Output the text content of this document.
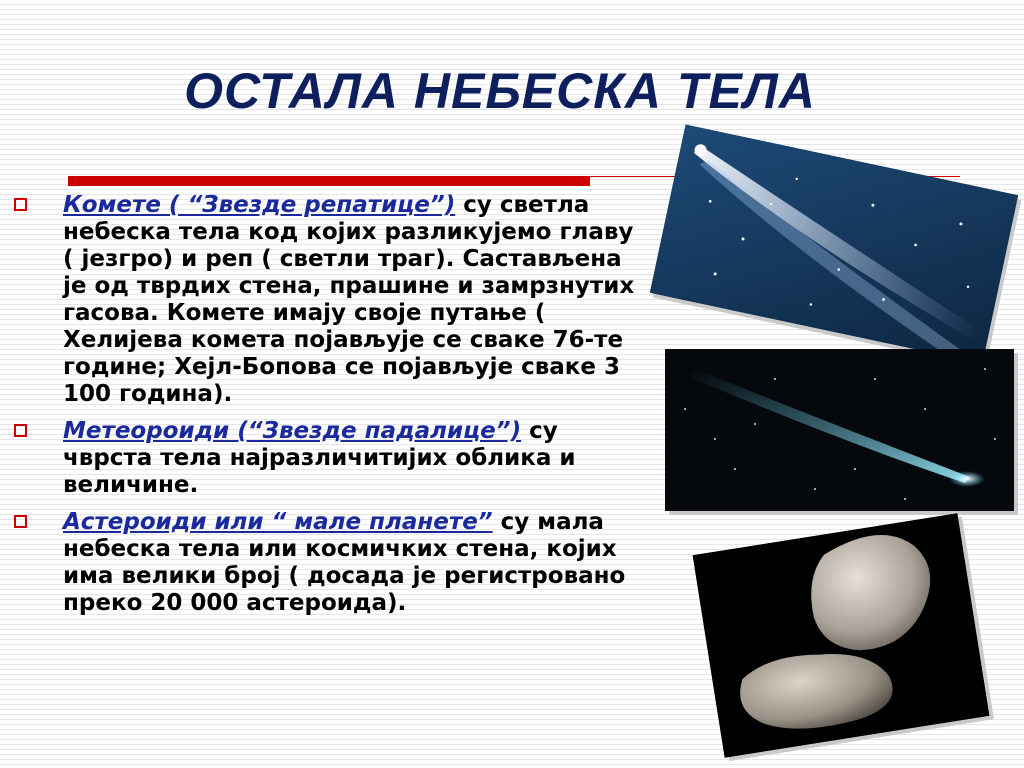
ОСТАЛА НЕБЕСКА ТЕЛА
Комете ( “Звезде репатице”) су светла небеска тела код којих разликујемо главу ( језгро) и реп ( светли траг). Састављена је од тврдих стена, прашине и замрзнутих гасова. Комете имају своје путање ( Хелијева комета појављује се сваке 76-те године; Хејл-Бопова се појављује сваке 3 100 година).
Метеороиди (“Звезде падалице”) су чврста тела најразличитијих облика и величине.
Астероиди или “ мале планете” су мала небеска тела или космичких стена, којих има велики број ( досада је регистровано преко 20 000 астероида).
